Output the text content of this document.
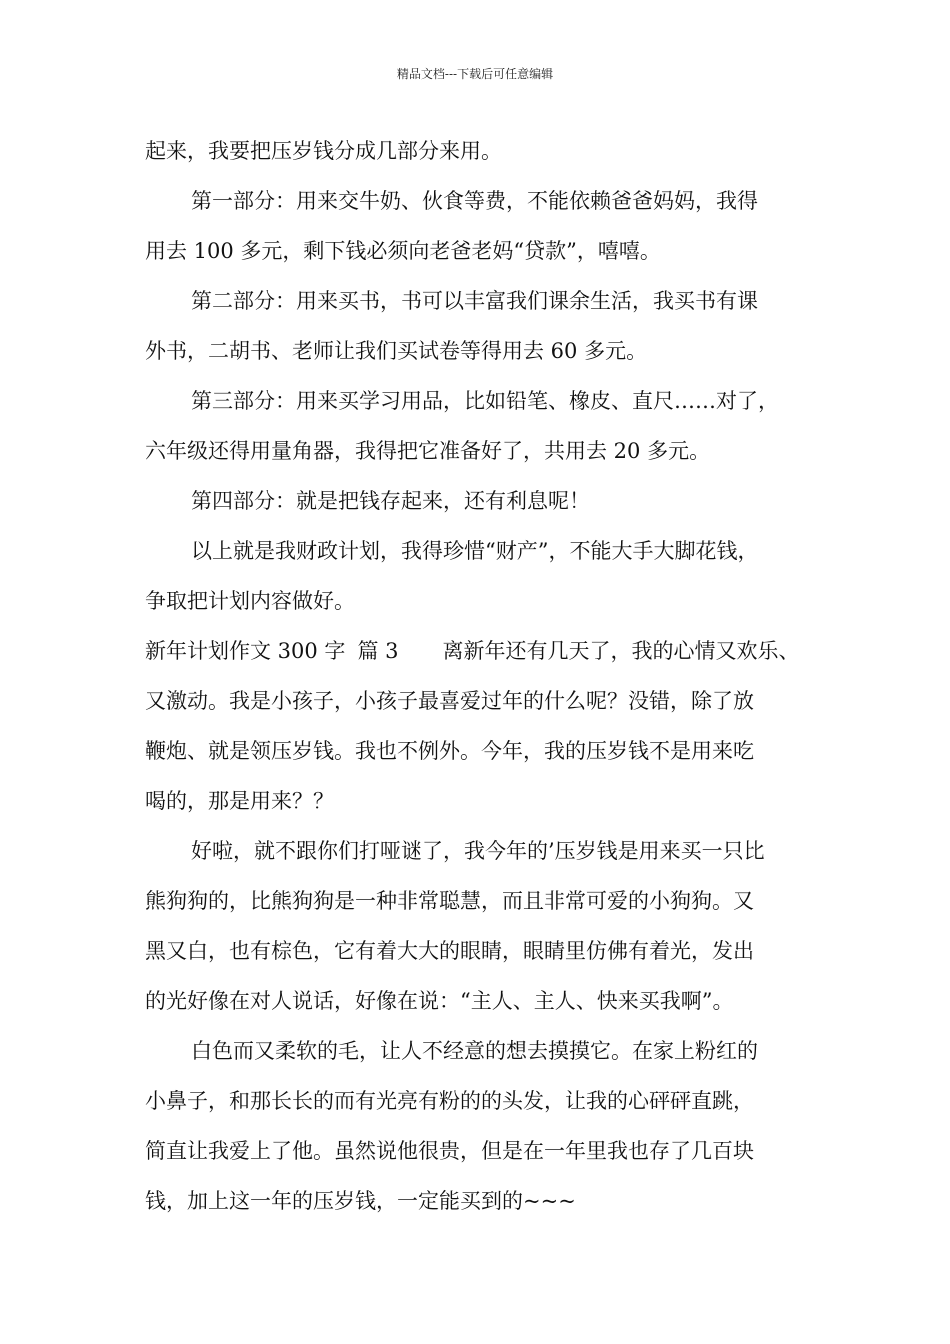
精品文档---下载后可任意编辑
起来，我要把压岁钱分成几部分来用。
第一部分：用来交牛奶、伙食等费，不能依赖爸爸妈妈，我得
用去 100 多元，剩下钱必须向老爸老妈“贷款”，嘻嘻。
第二部分：用来买书，书可以丰富我们课余生活，我买书有课
外书，二胡书、老师让我们买试卷等得用去 60 多元。
第三部分：用来买学习用品，比如铅笔、橡皮、直尺……对了，
六年级还得用量角器，我得把它准备好了，共用去 20 多元。
第四部分：就是把钱存起来，还有利息呢！
以上就是我财政计划，我得珍惜“财产”，不能大手大脚花钱，
争取把计划内容做好。
新年计划作文 300 字 篇 3 离新年还有几天了，我的心情又欢乐、
又激动。我是小孩子，小孩子最喜爱过年的什么呢？没错，除了放
鞭炮、就是领压岁钱。我也不例外。今年，我的压岁钱不是用来吃
喝的，那是用来？？
好啦，就不跟你们打哑谜了，我今年的’压岁钱是用来买一只比
熊狗狗的，比熊狗狗是一种非常聪慧，而且非常可爱的小狗狗。又
黑又白，也有棕色，它有着大大的眼睛，眼睛里仿佛有着光，发出
的光好像在对人说话，好像在说：“主人、主人、快来买我啊”。
白色而又柔软的毛，让人不经意的想去摸摸它。在家上粉红的
小鼻子，和那长长的而有光亮有粉的的头发，让我的心砰砰直跳，
简直让我爱上了他。虽然说他很贵，但是在一年里我也存了几百块
钱，加上这一年的压岁钱，一定能买到的~~~
